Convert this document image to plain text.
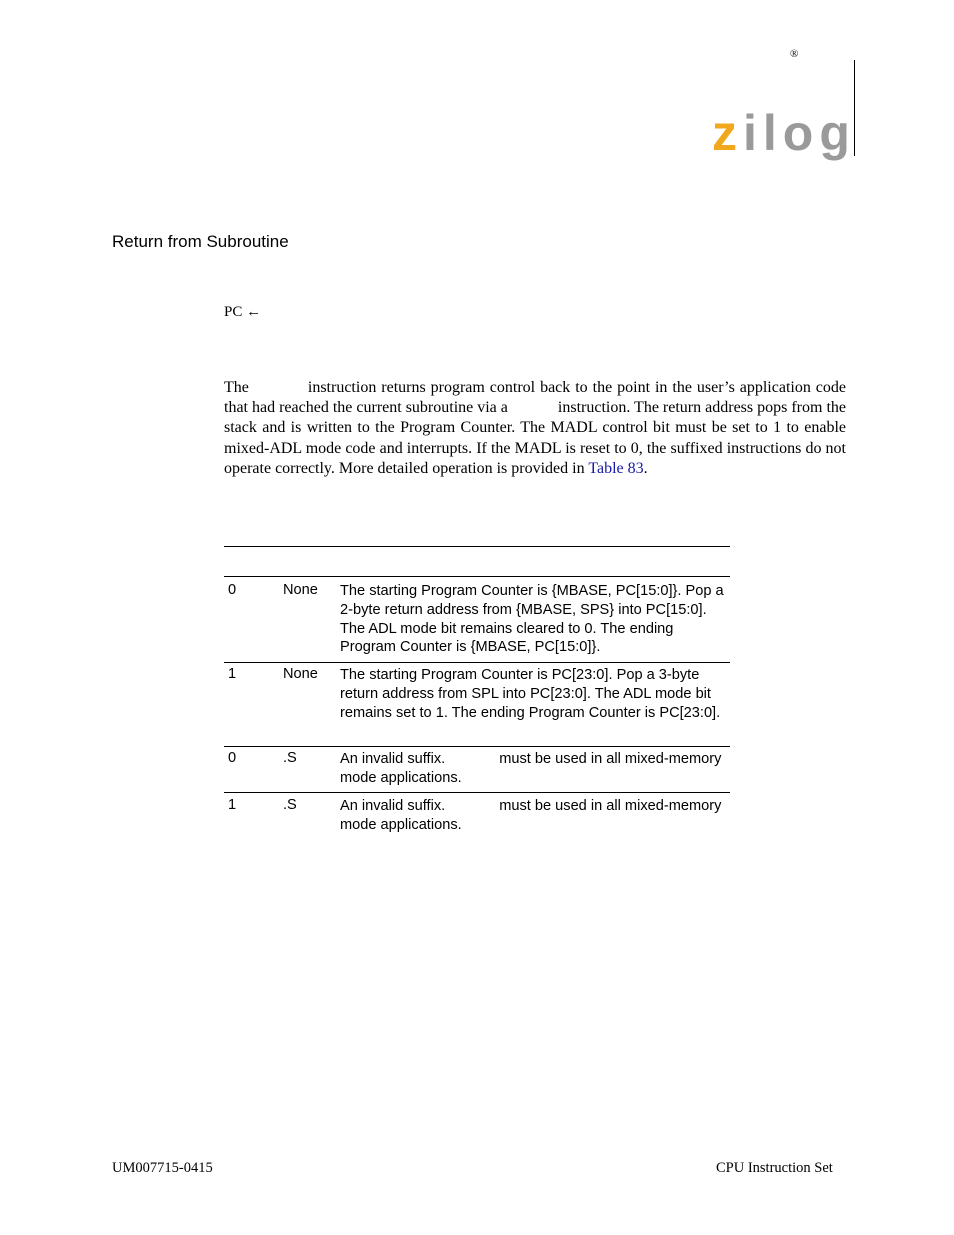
®
zilog
Return from Subroutine
PC ←
The	instruction returns program control back to the point in the user’s application code that had reached the current subroutine via a	instruction. The return address pops from the stack and is written to the Program Counter. The MADL control bit must be set to 1 to enable mixed-ADL mode code and interrupts. If the MADL is reset to 0, the suffixed instructions do not operate correctly. More detailed operation is provided in Table 83.
0	None The starting Program Counter is {MBASE, PC[15:0]}. Pop a 2-byte return address from {MBASE, SPS} into PC[15:0]. The ADL mode bit remains cleared to 0. The ending Program Counter is {MBASE, PC[15:0]}.
1	None The starting Program Counter is PC[23:0]. Pop a 3-byte return address from SPL into PC[23:0]. The ADL mode bit remains set to 1. The ending Program Counter is PC[23:0].
0	.S	An invalid suffix.	must be used in all mixed-memory mode applications.
1	.S	An invalid suffix.	must be used in all mixed-memory mode applications.
UM007715-0415	CPU Instruction Set
